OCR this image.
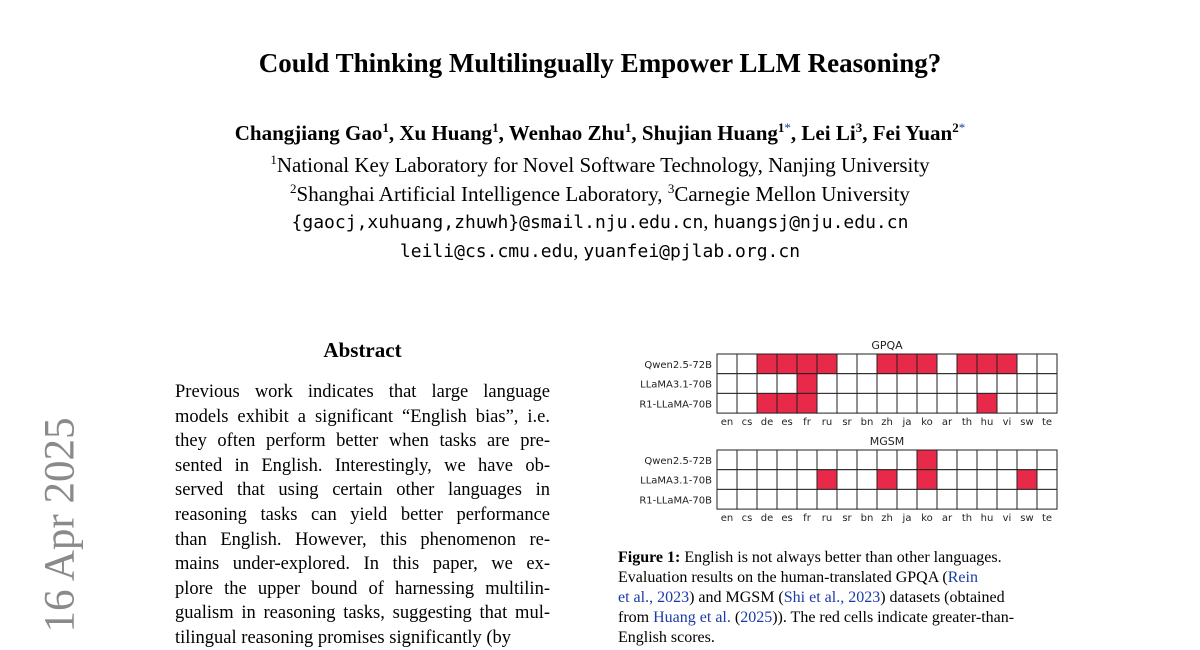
16 Apr 2025
Could Thinking Multilingually Empower LLM Reasoning?
Changjiang Gao$^1$, Xu Huang$^1$, Wenhao Zhu$^1$, Shujian Huang$^{1*}$, Lei Li$^3$, Fei Yuan$^{2*}$
$^1$National Key Laboratory for Novel Software Technology, Nanjing University
$^2$Shanghai Artificial Intelligence Laboratory, $^3$Carnegie Mellon University
{gaocj,xuhuang,zhuwh}@smail.nju.edu.cn, huangsj@nju.edu.cn
leili@cs.cmu.edu, yuanfei@pjlab.org.cn
Abstract
Previous work indicates that large language
models exhibit a significant “English bias”, i.e.
they often perform better when tasks are pre-
sented in English. Interestingly, we have ob-
served that using certain other languages in
reasoning tasks can yield better performance
than English. However, this phenomenon re-
mains under-explored. In this paper, we ex-
plore the upper bound of harnessing multilin-
gualism in reasoning tasks, suggesting that mul-
tilingual reasoning promises significantly (by
GPQA
Qwen2.5-72B
LLaMA3.1-70B
R1-LLaMA-70B
en cs de es fr ru sr bn zh ja ko ar th hu vi sw te
MGSM
Qwen2.5-72B
LLaMA3.1-70B
R1-LLaMA-70B
en cs de es fr ru sr bn zh ja ko ar th hu vi sw te
Figure 1: English is not always better than other languages.
Evaluation results on the human-translated GPQA (Rein
et al., 2023) and MGSM (Shi et al., 2023) datasets (obtained
from Huang et al. (2025)). The red cells indicate greater-than-
English scores.
